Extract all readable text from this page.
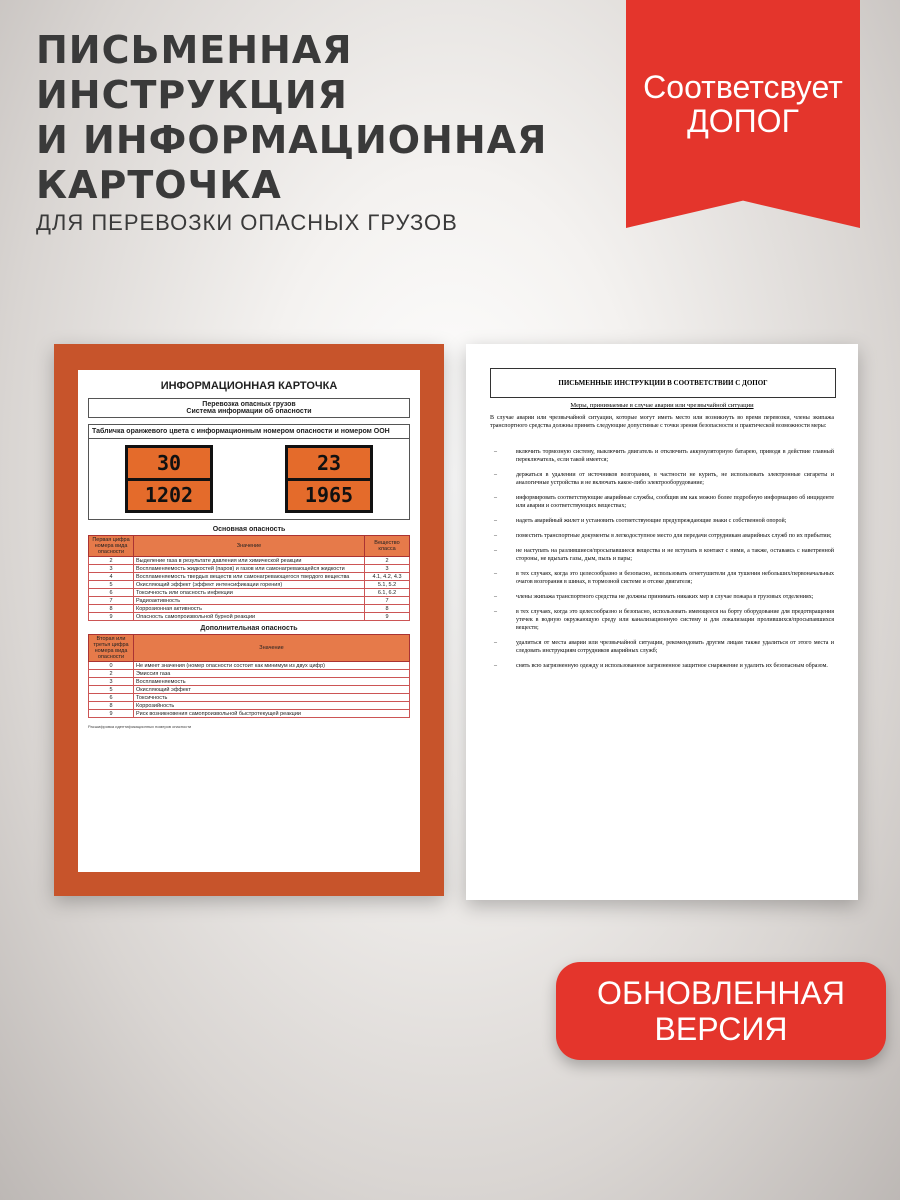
ПИСЬМЕННАЯ
ИНСТРУКЦИЯ
И ИНФОРМАЦИОННАЯ
КАРТОЧКА
ДЛЯ ПЕРЕВОЗКИ ОПАСНЫХ ГРУЗОВ
Соответсвует
ДОПОГ
ИНФОРМАЦИОННАЯ КАРТОЧКА
Перевозка опасных грузов
Система информации об опасности
Табличка оранжевого цвета с информационным номером опасности и номером ООН
30
1202
23
1965
Основная опасность
Первая цифра номера вида опасности	Значение	Вещество класса
2	Выделение газа в результате давления или химической реакции	2
3	Воспламеняемость жидкостей (паров) и газов или самонагревающейся жидкости	3
4	Воспламеняемость твердых веществ или самонагревающегося твердого вещества	4.1, 4.2, 4.3
5	Окисляющий эффект (эффект интенсификации горения)	5.1, 5.2
6	Токсичность или опасность инфекции	6.1, 6.2
7	Радиоактивность	7
8	Коррозионная активность	8
9	Опасность самопроизвольной бурной реакции	9
Дополнительная опасность
Вторая или третья цифра номера вида опасности	Значение
0	Не имеет значения (номер опасности состоит как минимум из двух цифр)
2	Эмиссия газа
3	Воспламеняемость
5	Окисляющий эффект
6	Токсичность
8	Коррозийность
9	Риск возникновения самопроизвольной быстротекущей реакции
Расшифровка идентификационных номеров опасности
ПИСЬМЕННЫЕ ИНСТРУКЦИИ В СООТВЕТСТВИИ С ДОПОГ
Меры, принимаемые в случае аварии или чрезвычайной ситуации
В случае аварии или чрезвычайной ситуации, которые могут иметь место или возникнуть во время перевозки, члены экипажа транспортного средства должны принять следующие допустимые с точки зрения безопасности и практической возможности меры:
– включить тормозную систему, выключить двигатель и отключить аккумуляторную батарею, приводя в действие главный переключатель, если такой имеется;
– держаться в удалении от источников возгорания, в частности не курить, не использовать электронные сигареты и аналогичные устройства и не включать какое-либо электрооборудование;
– информировать соответствующие аварийные службы, сообщив им как можно более подробную информацию об инциденте или аварии и соответствующих веществах;
– надеть аварийный жилет и установить соответствующие предупреждающие знаки с собственной опорой;
– поместить транспортные документы в легкодоступное место для передачи сотрудникам аварийных служб по их прибытии;
– не наступать на разлившиеся/просыпавшиеся вещества и не вступать в контакт с ними, а также, оставаясь с наветренной стороны, не вдыхать газы, дым, пыль и пары;
– в тех случаях, когда это целесообразно и безопасно, использовать огнетушители для тушения небольших/первоначальных очагов возгорания в шинах, в тормозной системе и отсеке двигателя;
– члены экипажа транспортного средства не должны принимать никаких мер в случае пожара в грузовых отделениях;
– в тех случаях, когда это целесообразно и безопасно, использовать имеющееся на борту оборудование для предотвращения утечек в водную окружающую среду или канализационную систему и для локализации пролившихся/просыпавшихся веществ;
– удалиться от места аварии или чрезвычайной ситуации, рекомендовать другим лицам также удалиться от этого места и следовать инструкциям сотрудников аварийных служб;
– снять всю загрязненную одежду и использованное загрязненное защитное снаряжение и удалить их безопасным образом.
ОБНОВЛЕННАЯ
ВЕРСИЯ
